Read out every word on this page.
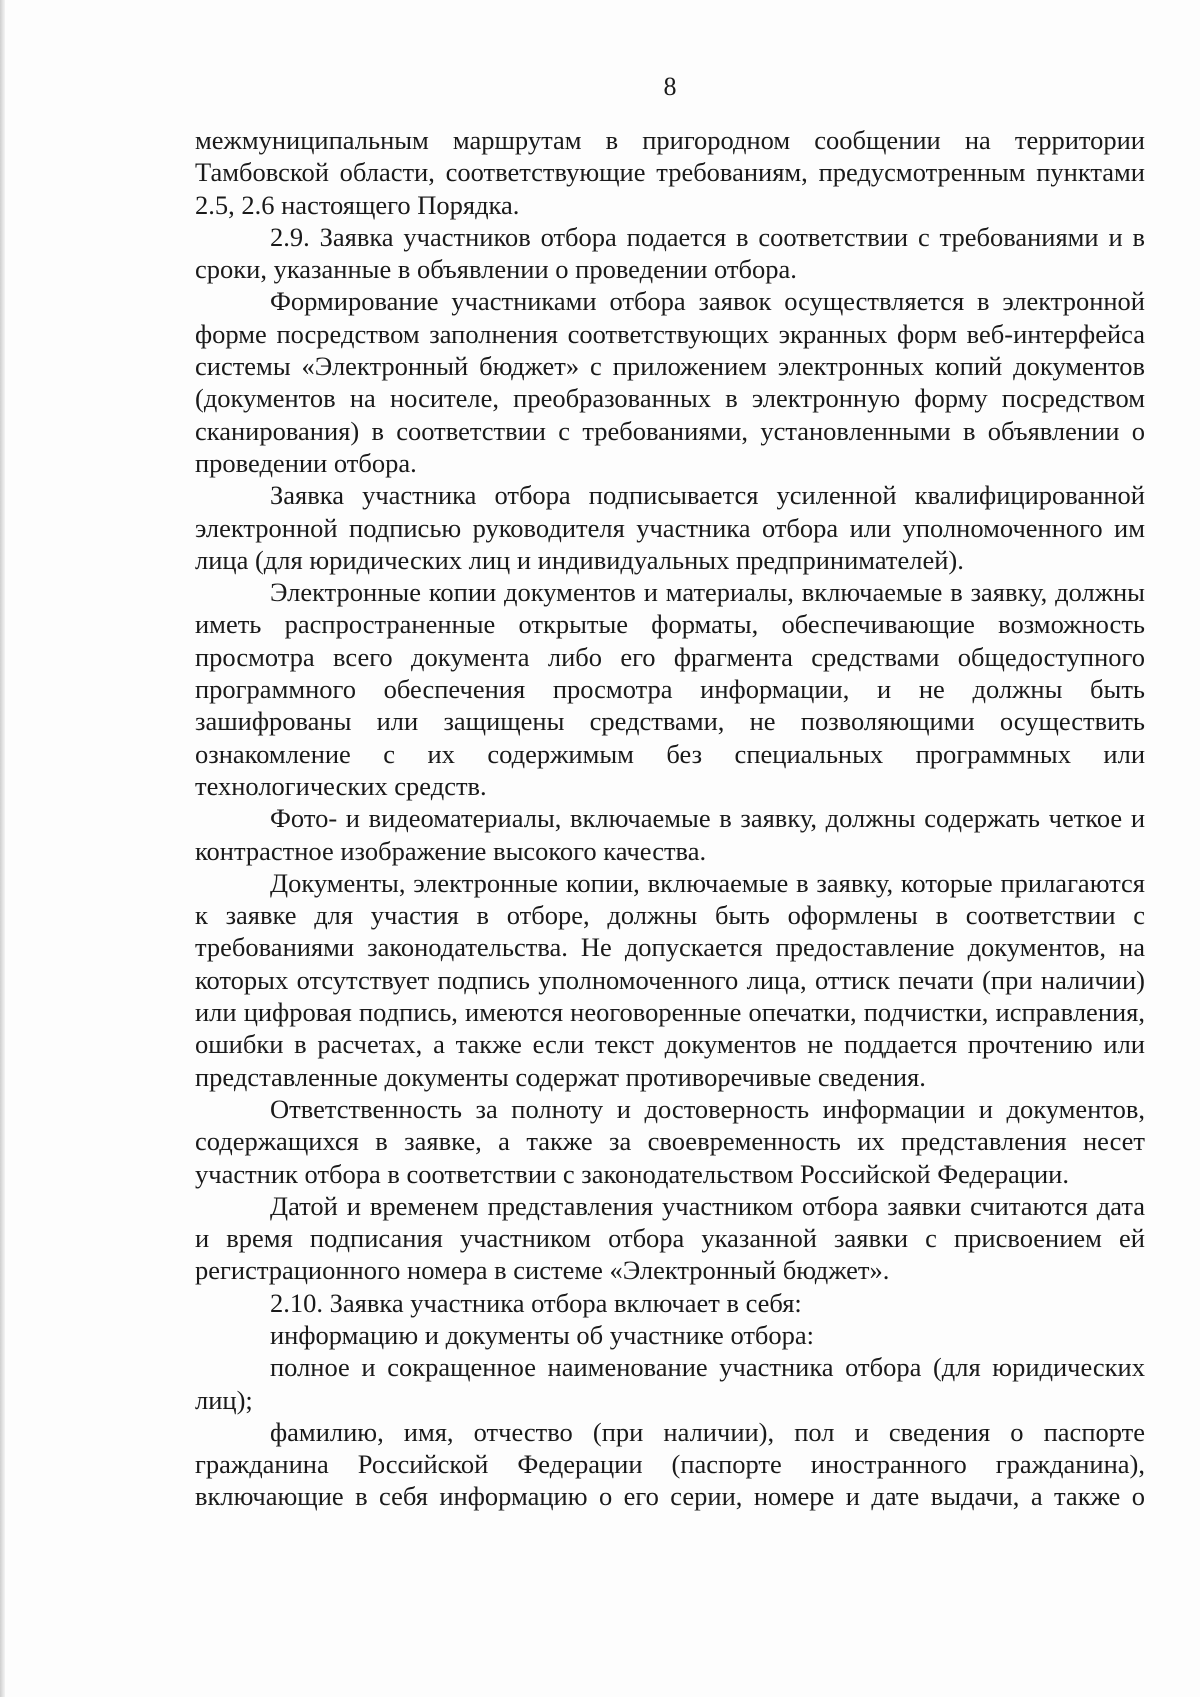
8

межмуниципальным маршрутам в пригородном сообщении на территории Тамбовской области, соответствующие требованиям, предусмотренным пунктами 2.5, 2.6 настоящего Порядка.

2.9. Заявка участников отбора подается в соответствии с требованиями и в сроки, указанные в объявлении о проведении отбора.

Формирование участниками отбора заявок осуществляется в электронной форме посредством заполнения соответствующих экранных форм веб-интерфейса системы «Электронный бюджет» с приложением электронных копий документов (документов на носителе, преобразованных в электронную форму посредством сканирования) в соответствии с требованиями, установленными в объявлении о проведении отбора.

Заявка участника отбора подписывается усиленной квалифицированной электронной подписью руководителя участника отбора или уполномоченного им лица (для юридических лиц и индивидуальных предпринимателей).

Электронные копии документов и материалы, включаемые в заявку, должны иметь распространенные открытые форматы, обеспечивающие возможность просмотра всего документа либо его фрагмента средствами общедоступного программного обеспечения просмотра информации, и не должны быть зашифрованы или защищены средствами, не позволяющими осуществить ознакомление с их содержимым без специальных программных или технологических средств.

Фото- и видеоматериалы, включаемые в заявку, должны содержать четкое и контрастное изображение высокого качества.

Документы, электронные копии, включаемые в заявку, которые прилагаются к заявке для участия в отборе, должны быть оформлены в соответствии с требованиями законодательства. Не допускается предоставление документов, на которых отсутствует подпись уполномоченного лица, оттиск печати (при наличии) или цифровая подпись, имеются неоговоренные опечатки, подчистки, исправления, ошибки в расчетах, а также если текст документов не поддается прочтению или представленные документы содержат противоречивые сведения.

Ответственность за полноту и достоверность информации и документов, содержащихся в заявке, а также за своевременность их представления несет участник отбора в соответствии с законодательством Российской Федерации.

Датой и временем представления участником отбора заявки считаются дата и время подписания участником отбора указанной заявки с присвоением ей регистрационного номера в системе «Электронный бюджет».

2.10. Заявка участника отбора включает в себя:

информацию и документы об участнике отбора:

полное и сокращенное наименование участника отбора (для юридических лиц);

фамилию, имя, отчество (при наличии), пол и сведения о паспорте гражданина Российской Федерации (паспорте иностранного гражданина), включающие в себя информацию о его серии, номере и дате выдачи, а также о
